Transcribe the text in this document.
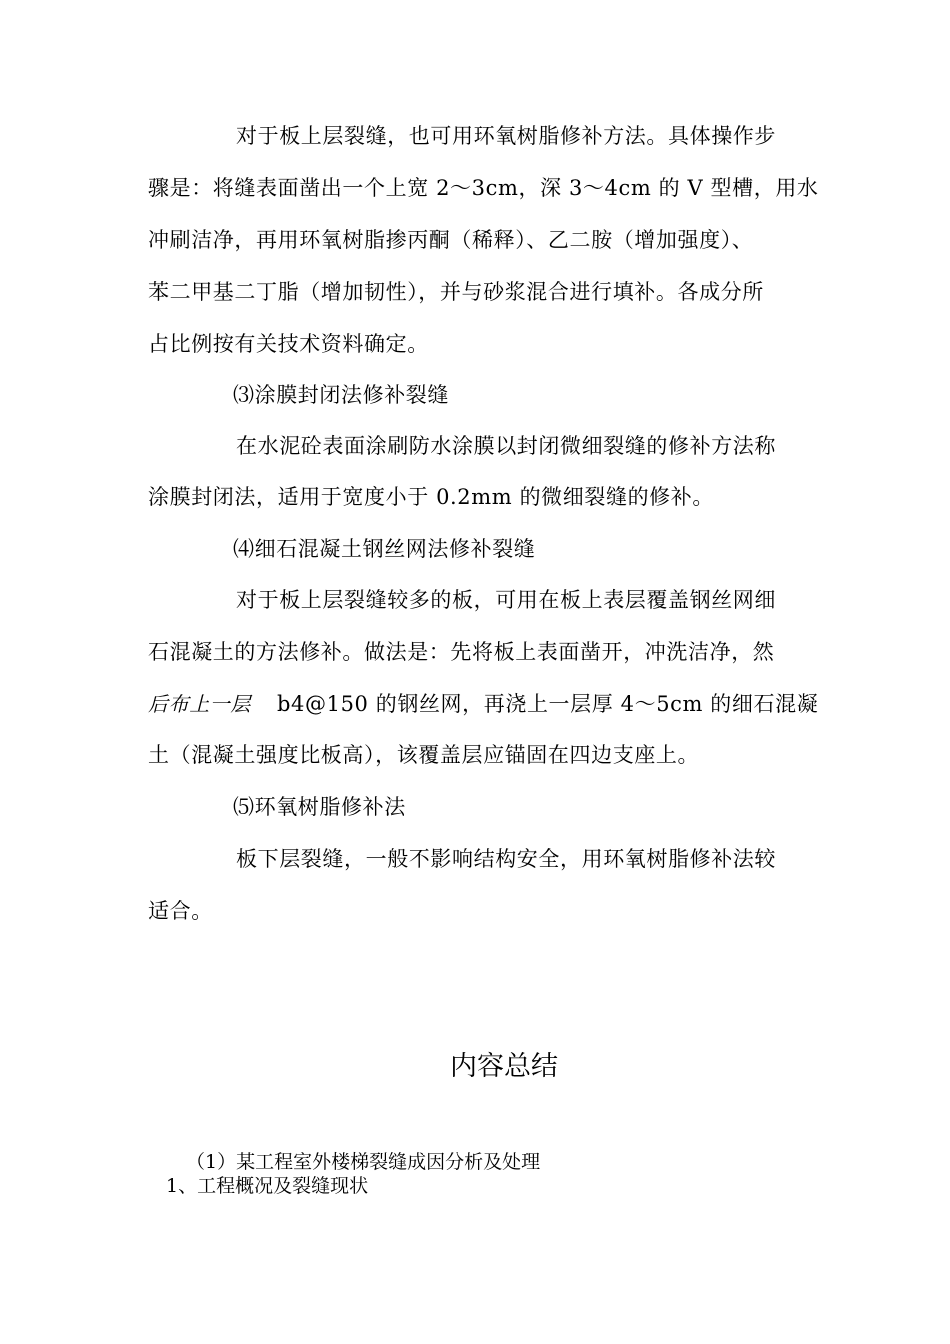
对于板上层裂缝，也可用环氧树脂修补方法。具体操作步
骤是：将缝表面凿出一个上宽 2～3cm，深 3～4cm 的 V 型槽，用水
冲刷洁净，再用环氧树脂掺丙酮（稀释）、乙二胺（增加强度）、
苯二甲基二丁脂（增加韧性），并与砂浆混合进行填补。各成分所
占比例按有关技术资料确定。
⑶涂膜封闭法修补裂缝
在水泥砼表面涂刷防水涂膜以封闭微细裂缝的修补方法称
涂膜封闭法，适用于宽度小于 0.2mm 的微细裂缝的修补。
⑷细石混凝土钢丝网法修补裂缝
对于板上层裂缝较多的板，可用在板上表层覆盖钢丝网细
石混凝土的方法修补。做法是：先将板上表面凿开，冲洗洁净，然
后布上一层 b4@150 的钢丝网，再浇上一层厚 4～5cm 的细石混凝
土（混凝土强度比板高），该覆盖层应锚固在四边支座上。
⑸环氧树脂修补法
板下层裂缝，一般不影响结构安全，用环氧树脂修补法较
适合。
内容总结
（1）某工程室外楼梯裂缝成因分析及处理
1、工程概况及裂缝现状
